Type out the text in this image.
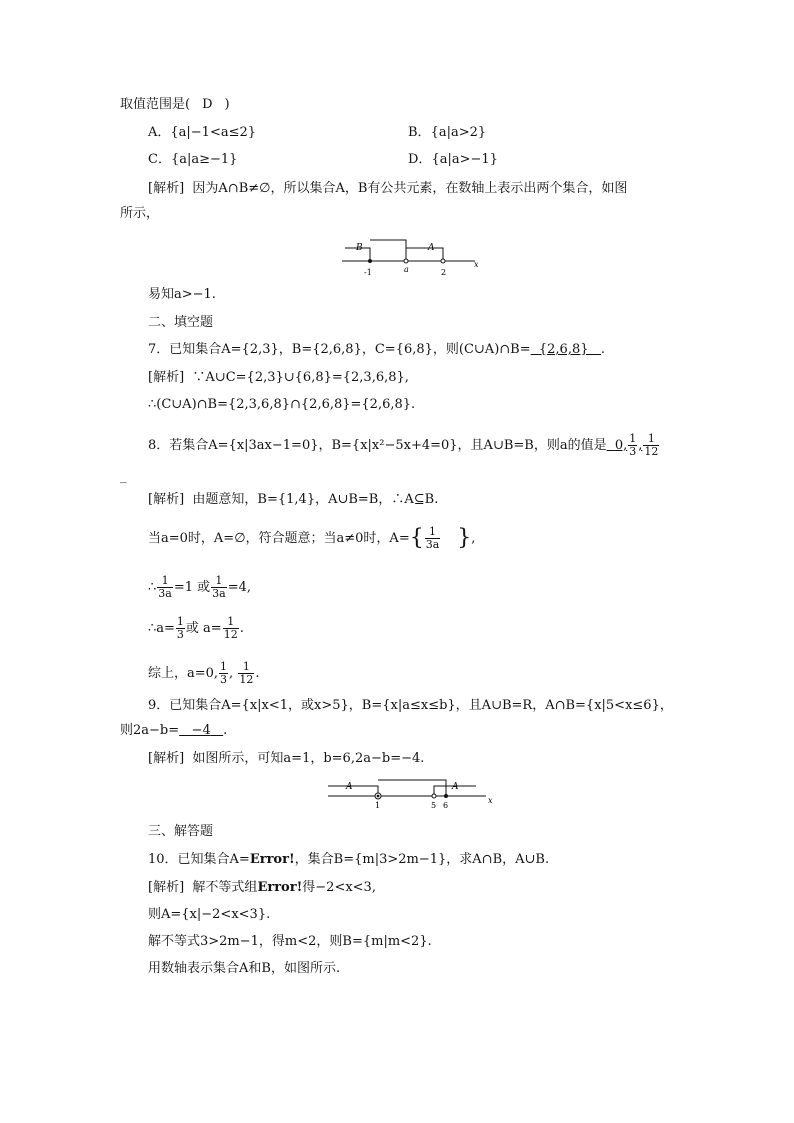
取值范围是( D )
A．{a|−1<a≤2}	B．{a|a>2}
C．{a|a≥−1}	D．{a|a>−1}
[解析] 因为A∩B≠∅，所以集合A，B有公共元素，在数轴上表示出两个集合，如图
所示，
B	A
-1	a	2
x
易知a>−1.
二、填空题
7．已知集合A={2,3}，B={2,6,8}，C={6,8}，则(C∪A)∩B= {2,6,8} .
[解析] ∵A∪C={2,3}∪{6,8}={2,3,6,8},
∴(C∪A)∩B={2,3,6,8}∩{2,6,8}={2,6,8}.
8．若集合A={x|3ax−1=0}，B={x|x²−5x+4=0}，且A∪B=B，则a的值是 0, $\frac{1}{3}$ , $\frac{1}{12}$
_
[解析] 由题意知，B={1,4}，A∪B=B，∴A⊆B.
当a=0时，A=∅，符合题意；当a≠0时，$A=\{ \frac{1}{3a}$ },
∴ $\frac{1}{3a} =1$ 或 $\frac{1}{3a} =4$,
∴a= $\frac{1}{3}$ 或 $a= \frac{1}{12}$ .
综上，a=0, $\frac{1}{3}$ , $\frac{1}{12}$ .
9．已知集合A={x|x<1，或x>5}，B={x|a≤x≤b}，且A∪B=R，A∩B={x|5<x≤6}，
则2a−b= −4 .
[解析] 如图所示，可知a=1，b=6,2a−b=−4.
A	A
1	5 6
x
三、解答题
10．已知集合A=Error!，集合B={m|3>2m−1}，求A∩B，A∪B.
[解析] 解不等式组Error!得−2<x<3,
则A={x|−2<x<3}.
解不等式3>2m−1，得m<2，则B={m|m<2}.
用数轴表示集合A和B，如图所示.
